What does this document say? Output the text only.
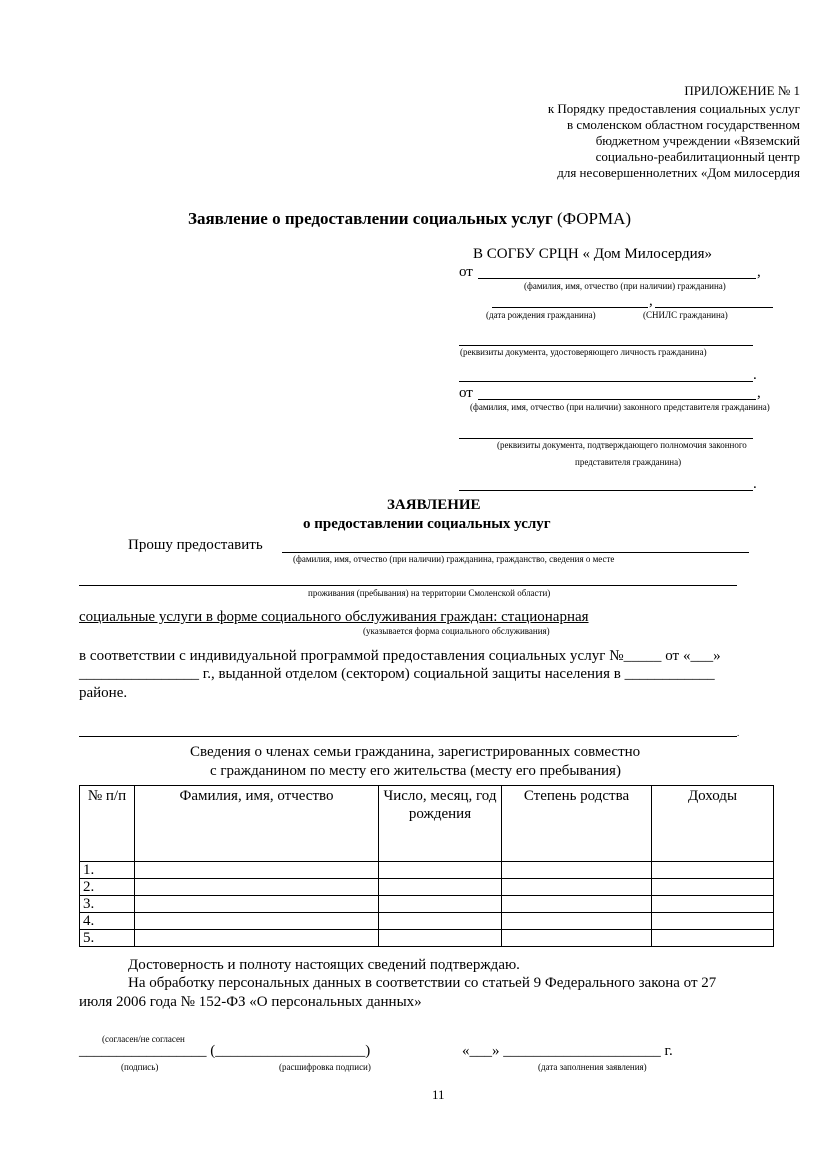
ПРИЛОЖЕНИЕ № 1
к Порядку предоставления социальных услуг
в смоленском областном государственном
бюджетном учреждении «Вяземский
социально-реабилитационный центр
для несовершеннолетних «Дом милосердия
Заявление о предоставлении социальных услуг (ФОРМА)
В СОГБУ СРЦН « Дом Милосердия»
от	,
(фамилия, имя, отчество (при наличии) гражданина)
,
(дата рождения гражданина)	(СНИЛС гражданина)
(реквизиты документа, удостоверяющего личность гражданина)
.
от	,
(фамилия, имя, отчество (при наличии) законного представителя гражданина)
(реквизиты документа, подтверждающего полномочия законного
представителя гражданина)
.
ЗАЯВЛЕНИЕ
о предоставлении социальных услуг
Прошу предоставить
(фамилия, имя, отчество (при наличии) гражданина, гражданство, сведения о месте
проживания (пребывания) на территории Смоленской области)
социальные услуги в форме социального обслуживания граждан: стационарная
(указывается форма социального обслуживания)
в соответствии с индивидуальной программой предоставления социальных услуг №_____ от «___»
________________ г., выданной отделом (сектором) социальной защиты населения в ____________
районе.
.
Сведения о членах семьи гражданина, зарегистрированных совместно
с гражданином по месту его жительства (месту его пребывания)
№ п/п	Фамилия, имя, отчество	Число, месяц, год рождения	Степень родства	Доходы
1.				
2.				
3.				
4.				
5.				
Достоверность и полноту настоящих сведений подтверждаю.
На обработку персональных данных в соответствии со статьей 9 Федерального закона от 27
июля 2006 года № 152-ФЗ «О персональных данных»
(согласен/не согласен
_________________ (____________________)	«___» _____________________ г.
(подпись)	(расшифровка подписи)	(дата заполнения заявления)
11
